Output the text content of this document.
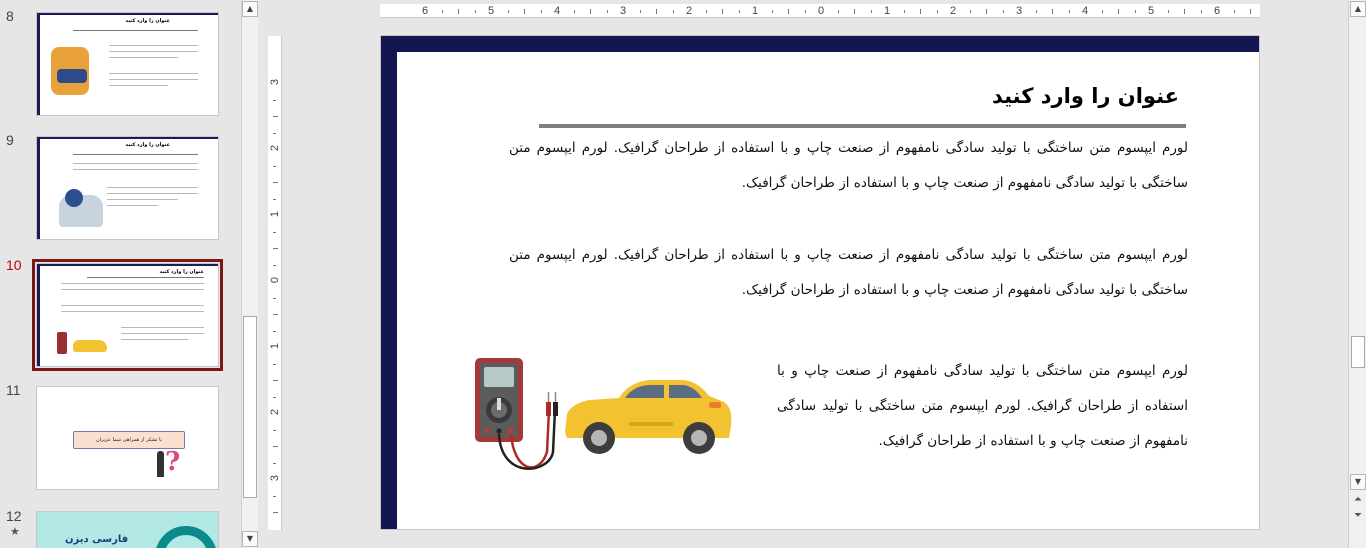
8	عنوان را وارد کنید
9	عنوان را وارد کنید
10	عنوان را وارد کنید
11
با تشکر از همراهی شما عزیزان
?
12
★
فارسی دیزن
▲
▼
6	5	4	3	2	1	0	1	2	3	4	5	6
3
2
1
0
1
2
3
عنوان را وارد کنید
لورم ایپسوم متن ساختگی با تولید سادگی نامفهوم از صنعت چاپ و با استفاده از طراحان گرافیک. لورم ایپسوم متن ساختگی با تولید سادگی نامفهوم از صنعت چاپ و با استفاده از طراحان گرافیک.
لورم ایپسوم متن ساختگی با تولید سادگی نامفهوم از صنعت چاپ و با استفاده از طراحان گرافیک. لورم ایپسوم متن ساختگی با تولید سادگی نامفهوم از صنعت چاپ و با استفاده از طراحان گرافیک.
لورم ایپسوم متن ساختگی با تولید سادگی نامفهوم از صنعت چاپ و با استفاده از طراحان گرافیک. لورم ایپسوم متن ساختگی با تولید سادگی نامفهوم از صنعت چاپ و با استفاده از طراحان گرافیک.
▲
▼
⏶
⏷
